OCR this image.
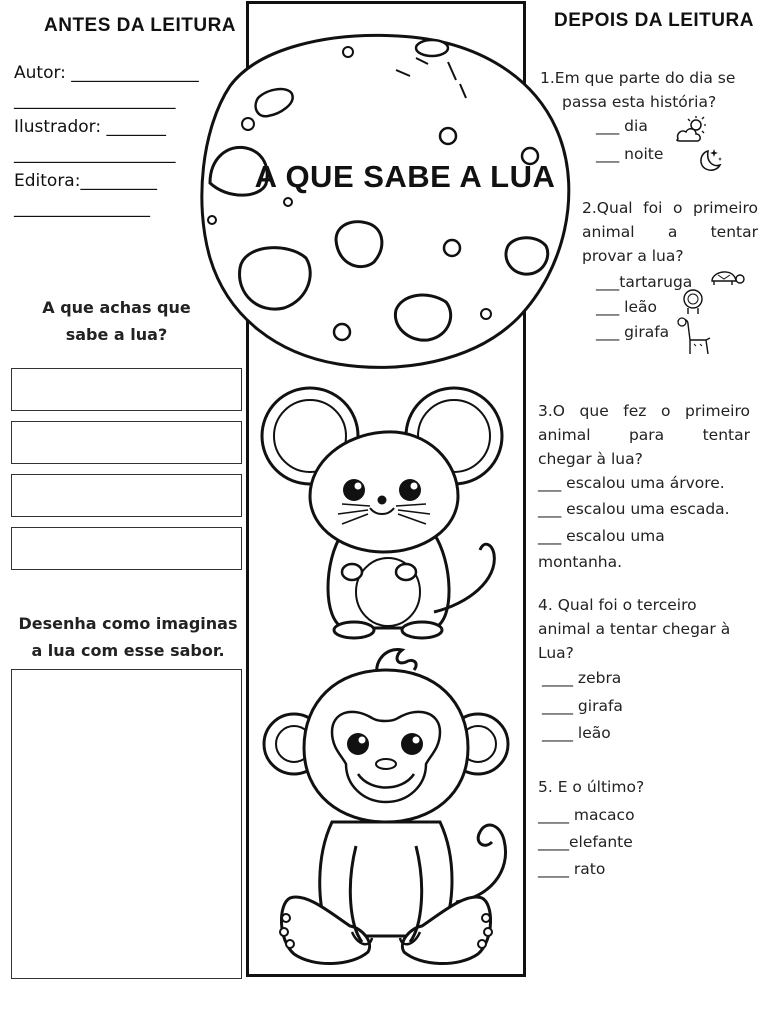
ANTES DA LEITURA
Autor: _______________
___________________
Ilustrador: _______
___________________
Editora:_________
________________
A que achas que
sabe a lua?
Desenha como imaginas
a lua com esse sabor.
A QUE SABE A LUA
DEPOIS DA LEITURA
1.Em que parte do dia se
passa esta história?
___ dia
___ noite
2.Qual foi o primeiro
animal a tentar
provar a lua?
___tartaruga
___ leão
___ girafa
3.O que fez o primeiro
animal para tentar
chegar à lua?
___ escalou uma árvore.
___ escalou uma escada.
___ escalou uma
montanha.
4. Qual foi o terceiro
animal a tentar chegar à
Lua?
____ zebra
____ girafa
____ leão
5. E o último?
____ macaco
____elefante
____ rato
